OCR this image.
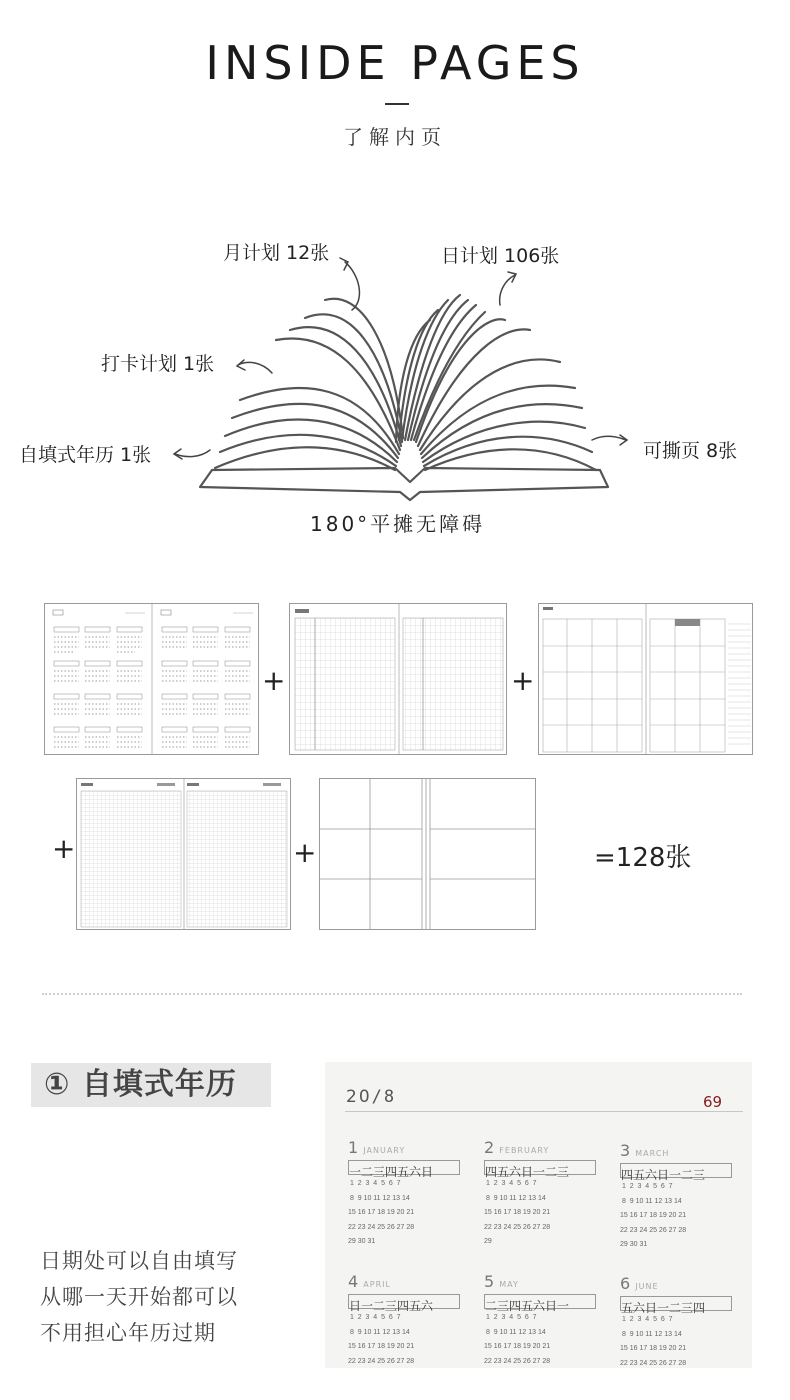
INSIDE PAGES
了解内页
月计划 12张	日计划 106张
打卡计划 1张
自填式年历 1张	可撕页 8张
180°平摊无障碍
+	+
+	+	=128张
① 自填式年历
日期处可以自由填写
从哪一天开始都可以
不用担心年历过期
20/8	69
1 JANUARY
一二三四五六日
1  2  3  4  5  6  7
8  9 10 11 12 13 14
15 16 17 18 19 20 21
22 23 24 25 26 27 28
29 30 31
2 FEBRUARY
四五六日一二三
1  2  3  4  5  6  7
8  9 10 11 12 13 14
15 16 17 18 19 20 21
22 23 24 25 26 27 28
29
3 MARCH
四五六日一二三
1  2  3  4  5  6  7
8  9 10 11 12 13 14
15 16 17 18 19 20 21
22 23 24 25 26 27 28
29 30 31
4 APRIL
日一二三四五六
1  2  3  4  5  6  7
8  9 10 11 12 13 14
15 16 17 18 19 20 21
22 23 24 25 26 27 28
5 MAY
二三四五六日一
1  2  3  4  5  6  7
8  9 10 11 12 13 14
15 16 17 18 19 20 21
22 23 24 25 26 27 28
6 JUNE
五六日一二三四
1  2  3  4  5  6  7
8  9 10 11 12 13 14
15 16 17 18 19 20 21
22 23 24 25 26 27 28
